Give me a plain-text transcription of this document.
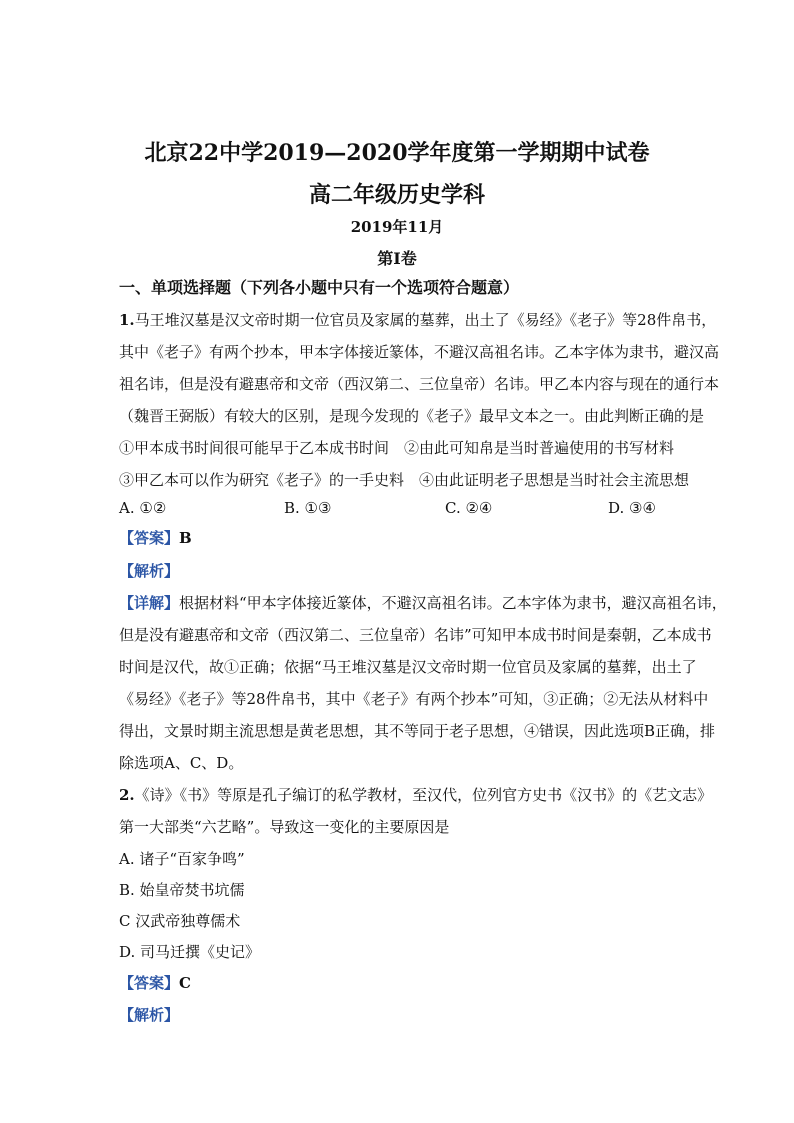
北京22中学2019—2020学年度第一学期期中试卷
高二年级历史学科
2019年11月
第I卷
一、单项选择题（下列各小题中只有一个选项符合题意）
1.马王堆汉墓是汉文帝时期一位官员及家属的墓葬，出土了《易经》《老子》等28件帛书，
其中《老子》有两个抄本，甲本字体接近篆体，不避汉高祖名讳。乙本字体为隶书，避汉高
祖名讳，但是没有避惠帝和文帝（西汉第二、三位皇帝）名讳。甲乙本内容与现在的通行本
（魏晋王弼版）有较大的区别，是现今发现的《老子》最早文本之一。由此判断正确的是
①甲本成书时间很可能早于乙本成书时间　②由此可知帛是当时普遍使用的书写材料
③甲乙本可以作为研究《老子》的一手史料　④由此证明老子思想是当时社会主流思想
A. ①②	B. ①③	C. ②④	D. ③④
【答案】B
【解析】
【详解】根据材料“甲本字体接近篆体，不避汉高祖名讳。乙本字体为隶书，避汉高祖名讳，
但是没有避惠帝和文帝（西汉第二、三位皇帝）名讳”可知甲本成书时间是秦朝，乙本成书
时间是汉代，故①正确；依据“马王堆汉墓是汉文帝时期一位官员及家属的墓葬，出土了
《易经》《老子》等28件帛书，其中《老子》有两个抄本”可知，③正确；②无法从材料中
得出，文景时期主流思想是黄老思想，其不等同于老子思想，④错误，因此选项B正确，排
除选项A、C、D。
2.《诗》《书》等原是孔子编订的私学教材，至汉代，位列官方史书《汉书》的《艺文志》
第一大部类“六艺略”。导致这一变化的主要原因是
A. 诸子“百家争鸣”
B. 始皇帝焚书坑儒
C 汉武帝独尊儒术
D. 司马迁撰《史记》
【答案】C
【解析】
